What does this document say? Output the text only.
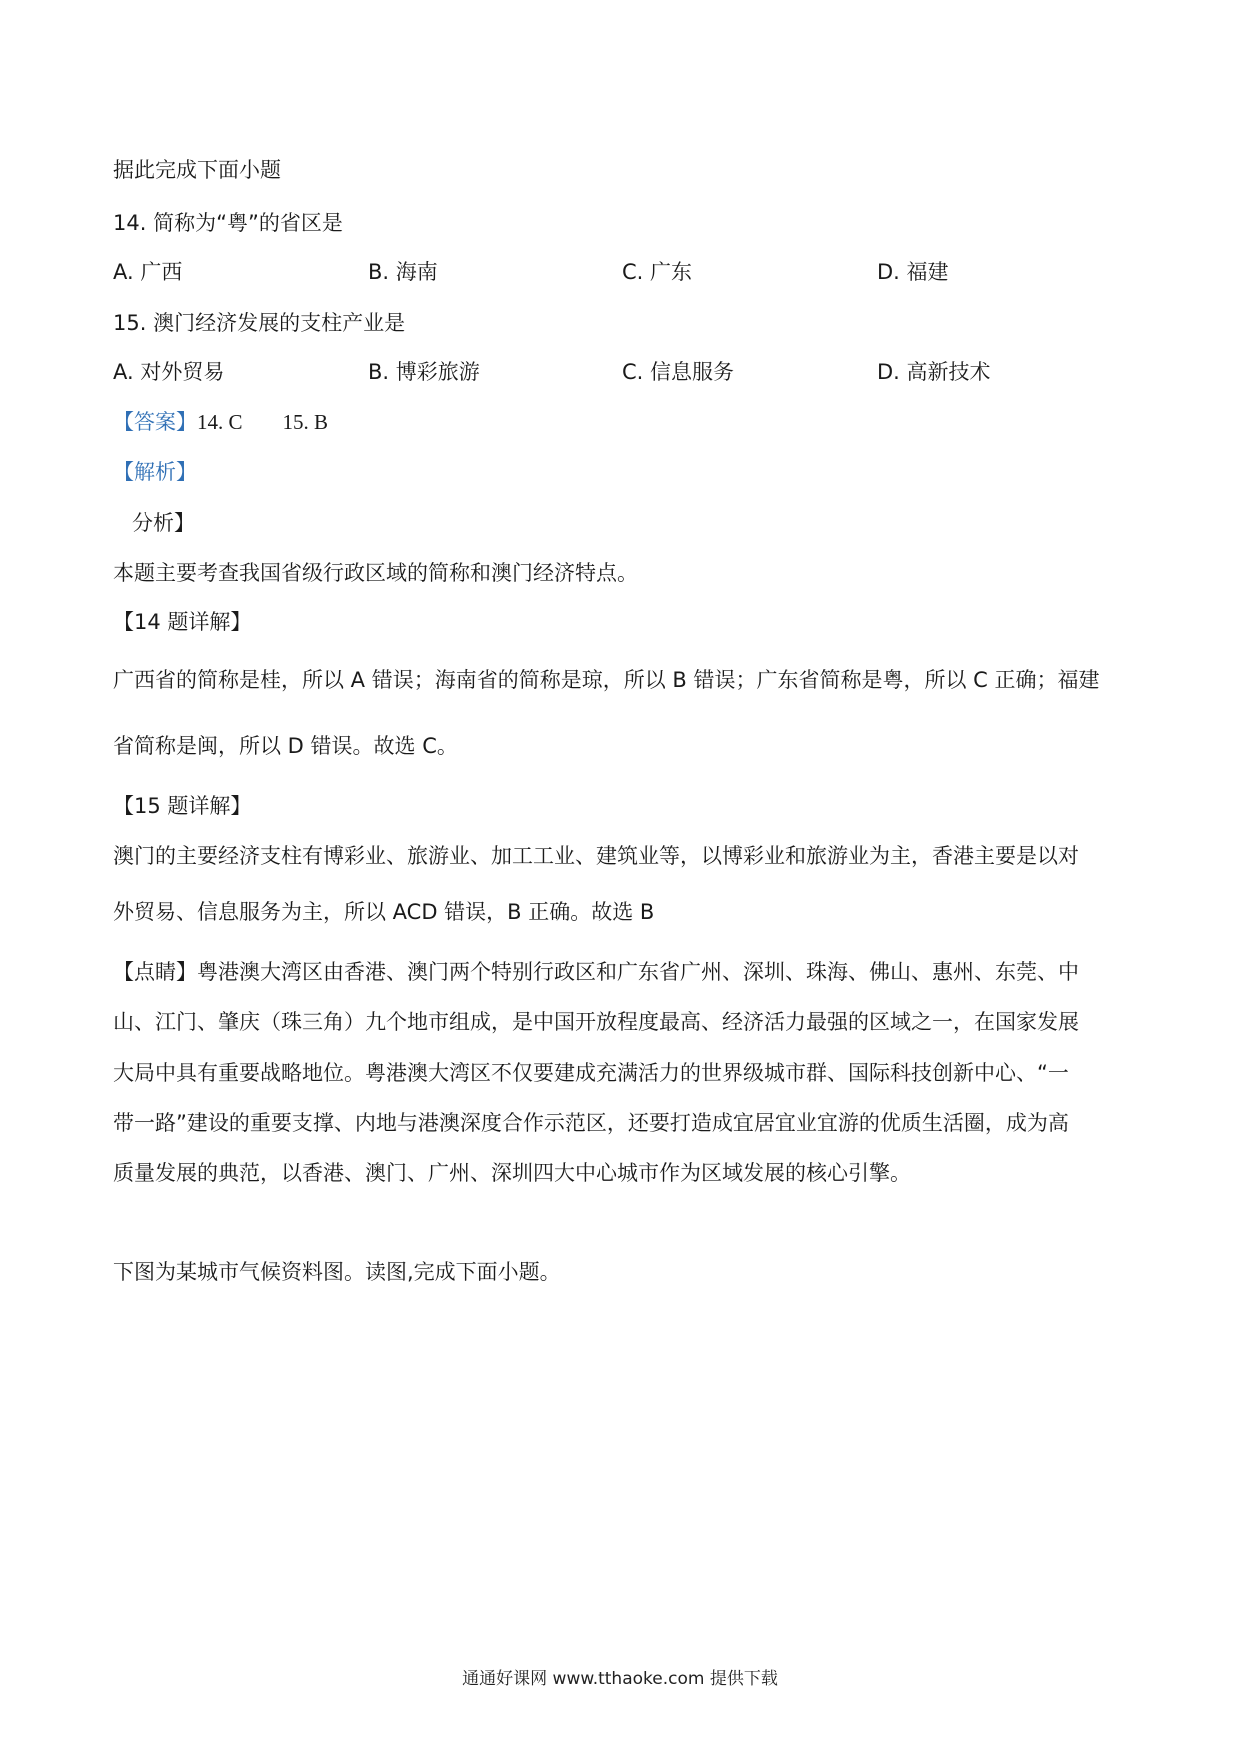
据此完成下面小题
14. 简称为“粤”的省区是
A. 广西	B. 海南	C. 广东	D. 福建
15. 澳门经济发展的支柱产业是
A. 对外贸易	B. 博彩旅游	C. 信息服务	D. 高新技术
【答案】14. C 15. B
【解析】
分析】
本题主要考查我国省级行政区域的简称和澳门经济特点。
【14 题详解】
广西省的简称是桂，所以 A 错误；海南省的简称是琼，所以 B 错误；广东省简称是粤，所以 C 正确；福建
省简称是闽，所以 D 错误。故选 C。
【15 题详解】
澳门的主要经济支柱有博彩业、旅游业、加工工业、建筑业等，以博彩业和旅游业为主，香港主要是以对
外贸易、信息服务为主，所以 ACD 错误，B 正确。故选 B
【点睛】粤港澳大湾区由香港、澳门两个特别行政区和广东省广州、深圳、珠海、佛山、惠州、东莞、中
山、江门、肇庆（珠三角）九个地市组成，是中国开放程度最高、经济活力最强的区域之一，在国家发展
大局中具有重要战略地位。粤港澳大湾区不仅要建成充满活力的世界级城市群、国际科技创新中心、“一
带一路”建设的重要支撑、内地与港澳深度合作示范区，还要打造成宜居宜业宜游的优质生活圈，成为高
质量发展的典范，以香港、澳门、广州、深圳四大中心城市作为区域发展的核心引擎。
下图为某城市气候资料图。读图,完成下面小题。
通通好课网 www.tthaoke.com 提供下载
